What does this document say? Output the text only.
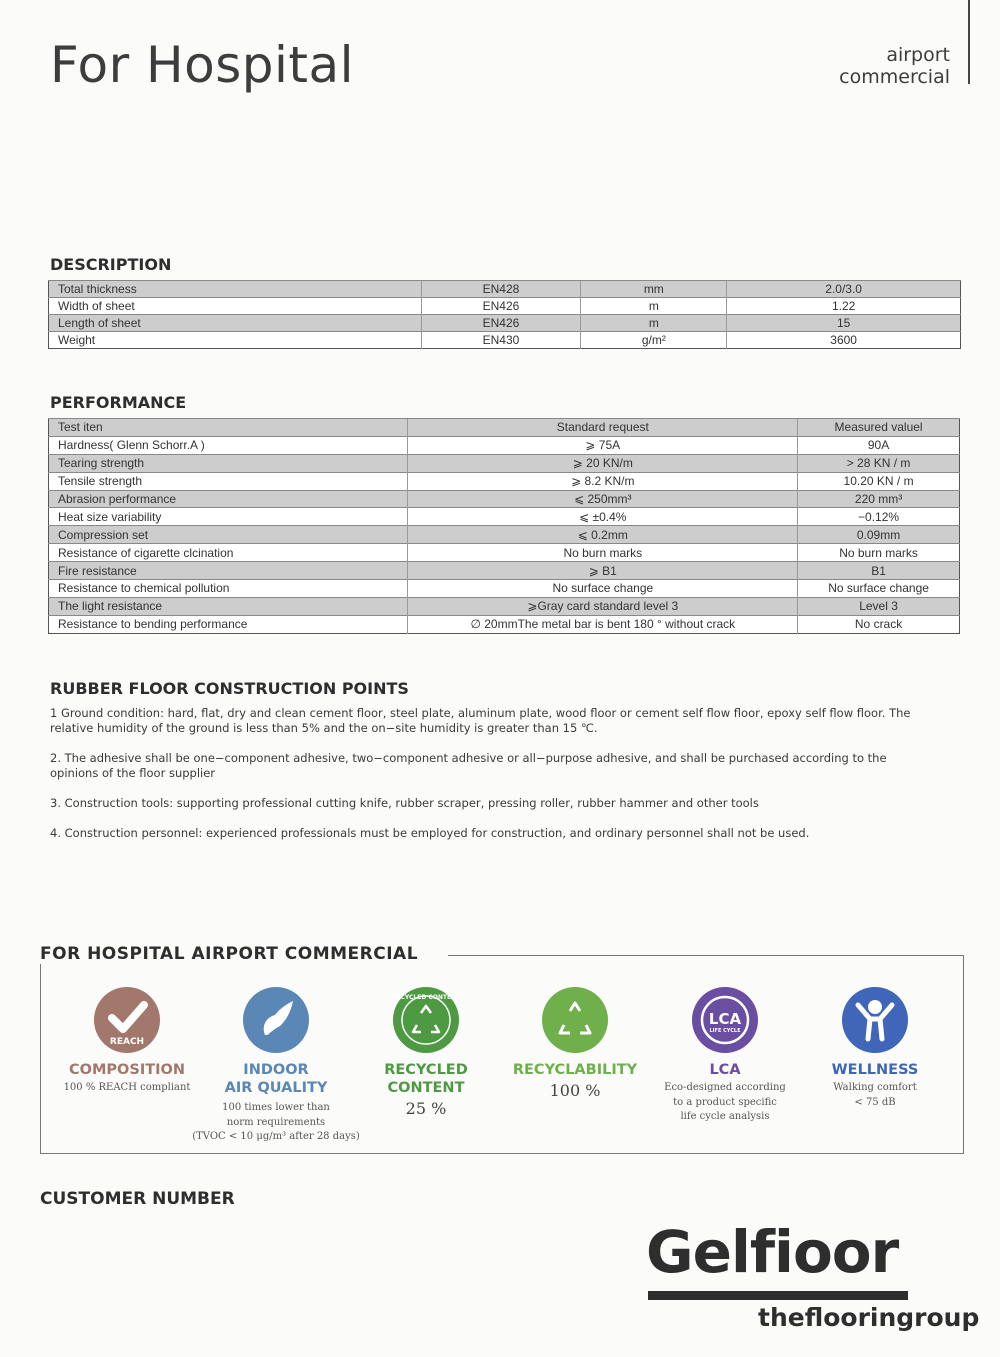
For Hospital	airport
commercial
DESCRIPTION
Total thickness	EN428	mm	2.0/3.0
Width of sheet	EN426	m	1.22
Length of sheet	EN426	m	15
Weight	EN430	g/m²	3600
PERFORMANCE
Test iten	Standard request	Measured valuel
Hardness( Glenn Schorr.A )	⩾ 75A	90A
Tearing strength	⩾ 20 KN/m	> 28 KN / m
Tensile strength	⩾ 8.2 KN/m	10.20 KN / m
Abrasion performance	⩽ 250mm³	220 mm³
Heat size variability	⩽ ±0.4%	−0.12%
Compression set	⩽ 0.2mm	0.09mm
Resistance of cigarette clcination	No burn marks	No burn marks
Fire resistance	⩾ B1	B1
Resistance to chemical pollution	No surface change	No surface change
The light resistance	⩾Gray card standard level 3	Level 3
Resistance to bending performance	∅ 20mmThe metal bar is bent 180 ° without crack	No crack
RUBBER FLOOR CONSTRUCTION POINTS

1 Ground condition: hard, flat, dry and clean cement floor, steel plate, aluminum plate, wood floor or cement self flow floor, epoxy self flow floor. The relative humidity of the ground is less than 5% and the on−site humidity is greater than 15 ℃.

2. The adhesive shall be one−component adhesive, two−component adhesive or all−purpose adhesive, and shall be purchased according to the opinions of the floor supplier

3. Construction tools: supporting professional cutting knife, rubber scraper, pressing roller, rubber hammer and other tools

4. Construction personnel: experienced professionals must be employed for construction, and ordinary personnel shall not be used.

FOR HOSPITAL AIRPORT COMMERCIAL
REACH
COMPOSITION
100 % REACH compliant
INDOOR
AIR QUALITY
100 times lower than
norm requirements
(TVOC < 10 μg/m³ after 28 days)
RECYCLED CONTENT
RECYCLED
CONTENT
25 %
RECYCLABILITY
100 %
LCA
LIFE CYCLE
LCA
Eco-designed according
to a product specific
life cycle analysis
WELLNESS
Walking comfort
< 75 dB
CUSTOMER NUMBER
Gelfioor
theflooringroup
